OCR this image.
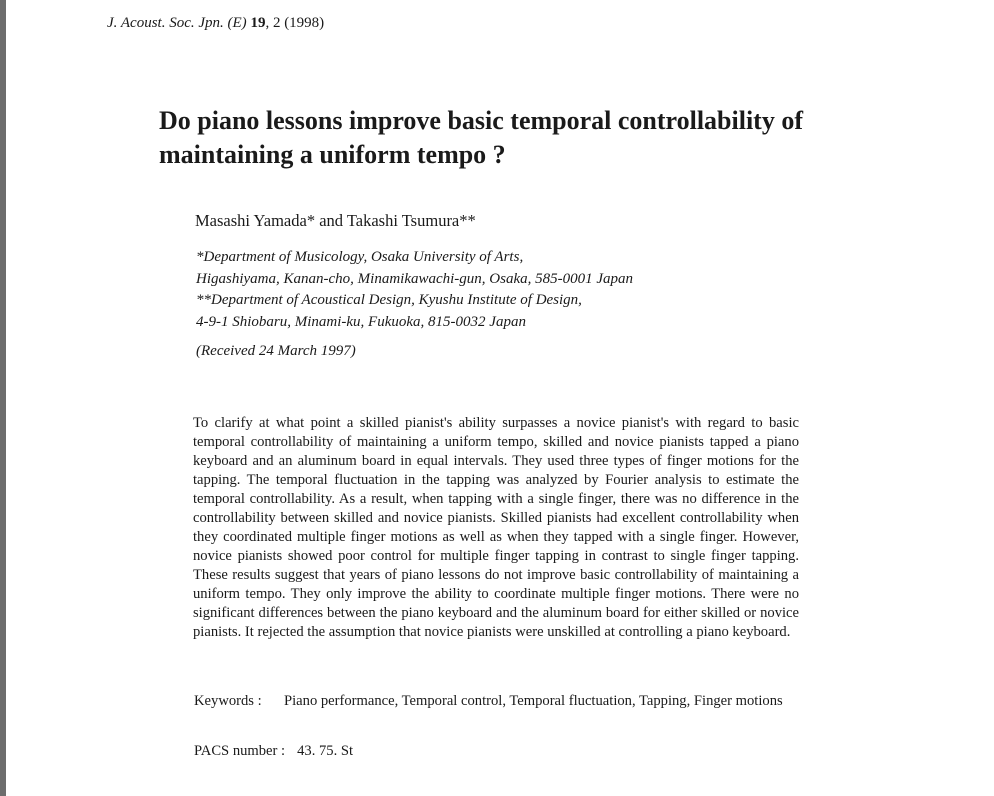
J. Acoust. Soc. Jpn. (E) 19, 2 (1998)
Do piano lessons improve basic temporal controllability of maintaining a uniform tempo ?
Masashi Yamada* and Takashi Tsumura**
*Department of Musicology, Osaka University of Arts,
Higashiyama, Kanan-cho, Minamikawachi-gun, Osaka, 585-0001 Japan
**Department of Acoustical Design, Kyushu Institute of Design,
4-9-1 Shiobaru, Minami-ku, Fukuoka, 815-0032 Japan
(Received 24 March 1997)

To clarify at what point a skilled pianist's ability surpasses a novice pianist's with regard to basic temporal controllability of maintaining a uniform tempo, skilled and novice pianists tapped a piano keyboard and an aluminum board in equal intervals. They used three types of finger motions for the tapping. The temporal fluctuation in the tapping was analyzed by Fourier analysis to estimate the temporal controllability. As a result, when tapping with a single finger, there was no difference in the controllability between skilled and novice pianists. Skilled pianists had excellent controllability when they coordinated multiple finger motions as well as when they tapped with a single finger. However, novice pianists showed poor control for multiple finger tapping in contrast to single finger tapping. These results suggest that years of piano lessons do not improve basic controllability of maintaining a uniform tempo. They only improve the ability to coordinate multiple finger motions. There were no significant differences between the piano keyboard and the aluminum board for either skilled or novice pianists. It rejected the assumption that novice pianists were unskilled at controlling a piano keyboard.

Keywords :	Piano performance, Temporal control, Temporal fluctuation, Tapping, Finger motions
PACS number : 43. 75. St
